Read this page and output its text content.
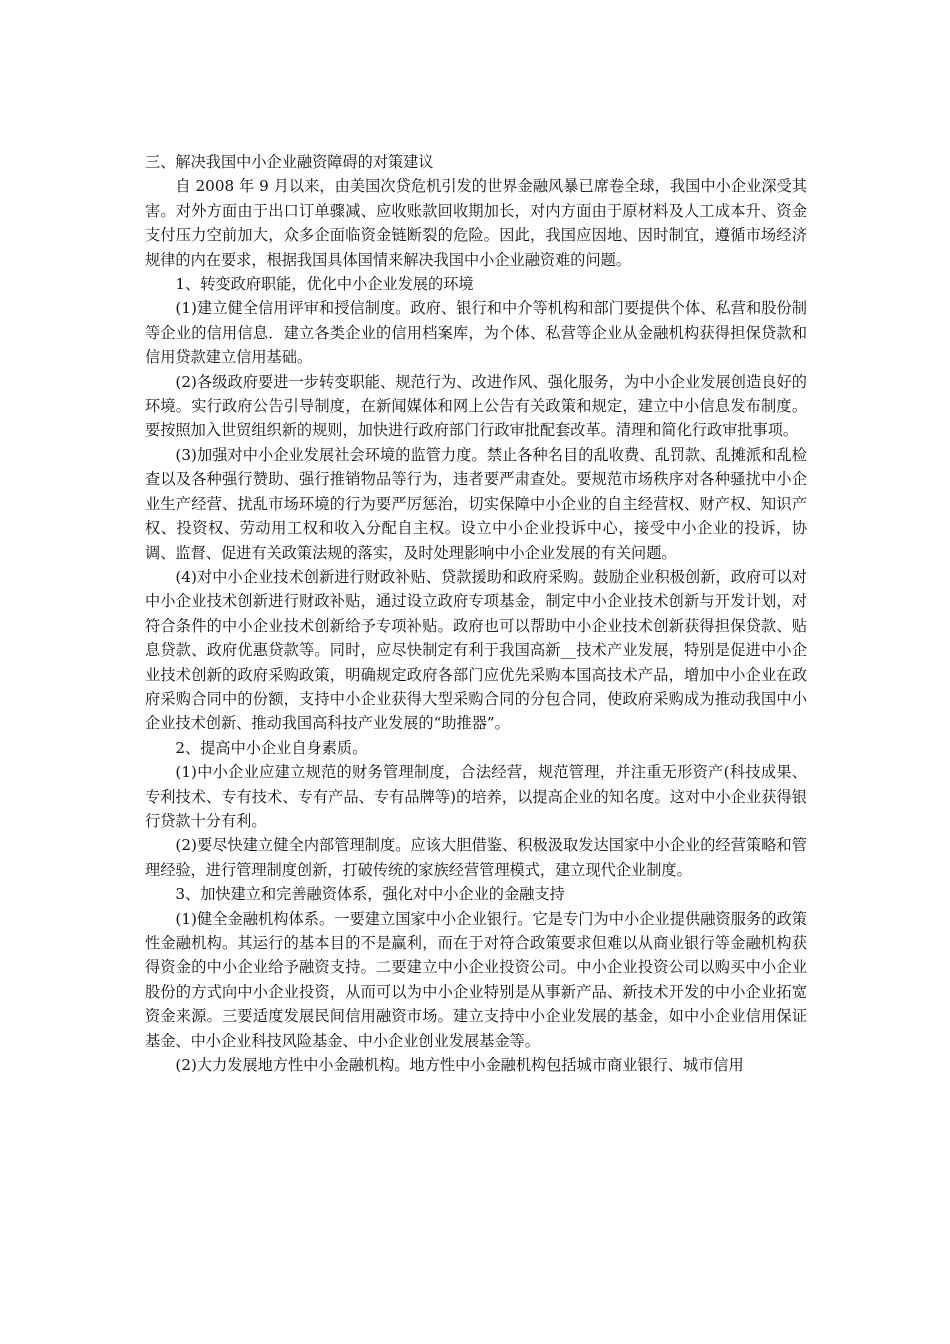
三、解决我国中小企业融资障碍的对策建议

自 2008 年 9 月以来，由美国次贷危机引发的世界金融风暴已席卷全球，我国中小企业深受其害。对外方面由于出口订单骤减、应收账款回收期加长，对内方面由于原材料及人工成本升、资金支付压力空前加大，众多企面临资金链断裂的危险。因此，我国应因地、因时制宜，遵循市场经济规律的内在要求，根据我国具体国情来解决我国中小企业融资难的问题。

1、转变政府职能，优化中小企业发展的环境

(1)建立健全信用评审和授信制度。政府、银行和中介等机构和部门要提供个体、私营和股份制等企业的信用信息．建立各类企业的信用档案库，为个体、私营等企业从金融机构获得担保贷款和信用贷款建立信用基础。

(2)各级政府要进一步转变职能、规范行为、改进作风、强化服务，为中小企业发展创造良好的环境。实行政府公告引导制度，在新闻媒体和网上公告有关政策和规定，建立中小信息发布制度。要按照加入世贸组织新的规则，加快进行政府部门行政审批配套改革。清理和简化行政审批事项。

(3)加强对中小企业发展社会环境的监管力度。禁止各种名目的乱收费、乱罚款、乱摊派和乱检查以及各种强行赞助、强行推销物品等行为，违者要严肃查处。要规范市场秩序对各种骚扰中小企业生产经营、扰乱市场环境的行为要严厉惩治，切实保障中小企业的自主经营权、财产权、知识产权、投资权、劳动用工权和收入分配自主权。设立中小企业投诉中心，接受中小企业的投诉，协调、监督、促进有关政策法规的落实，及时处理影响中小企业发展的有关问题。

(4)对中小企业技术创新进行财政补贴、贷款援助和政府采购。鼓励企业积极创新，政府可以对中小企业技术创新进行财政补贴，通过设立政府专项基金，制定中小企业技术创新与开发计划，对符合条件的中小企业技术创新给予专项补贴。政府也可以帮助中小企业技术创新获得担保贷款、贴息贷款、政府优惠贷款等。同时，应尽快制定有利于我国高新__技术产业发展，特别是促进中小企业技术创新的政府采购政策，明确规定政府各部门应优先采购本国高技术产品，增加中小企业在政府采购合同中的份额，支持中小企业获得大型采购合同的分包合同，使政府采购成为推动我国中小企业技术创新、推动我国高科技产业发展的“助推器”。

2、提高中小企业自身素质。

(1)中小企业应建立规范的财务管理制度，合法经营，规范管理，并注重无形资产(科技成果、专利技术、专有技术、专有产品、专有品牌等)的培养，以提高企业的知名度。这对中小企业获得银行贷款十分有利。

(2)要尽快建立健全内部管理制度。应该大胆借鉴、积极汲取发达国家中小企业的经营策略和管理经验，进行管理制度创新，打破传统的家族经营管理模式，建立现代企业制度。

3、加快建立和完善融资体系，强化对中小企业的金融支持

(1)健全金融机构体系。一要建立国家中小企业银行。它是专门为中小企业提供融资服务的政策性金融机构。其运行的基本目的不是赢利，而在于对符合政策要求但难以从商业银行等金融机构获得资金的中小企业给予融资支持。二要建立中小企业投资公司。中小企业投资公司以购买中小企业股份的方式向中小企业投资，从而可以为中小企业特别是从事新产品、新技术开发的中小企业拓宽资金来源。三要适度发展民间信用融资市场。建立支持中小企业发展的基金，如中小企业信用保证基金、中小企业科技风险基金、中小企业创业发展基金等。

(2)大力发展地方性中小金融机构。地方性中小金融机构包括城市商业银行、城市信用
